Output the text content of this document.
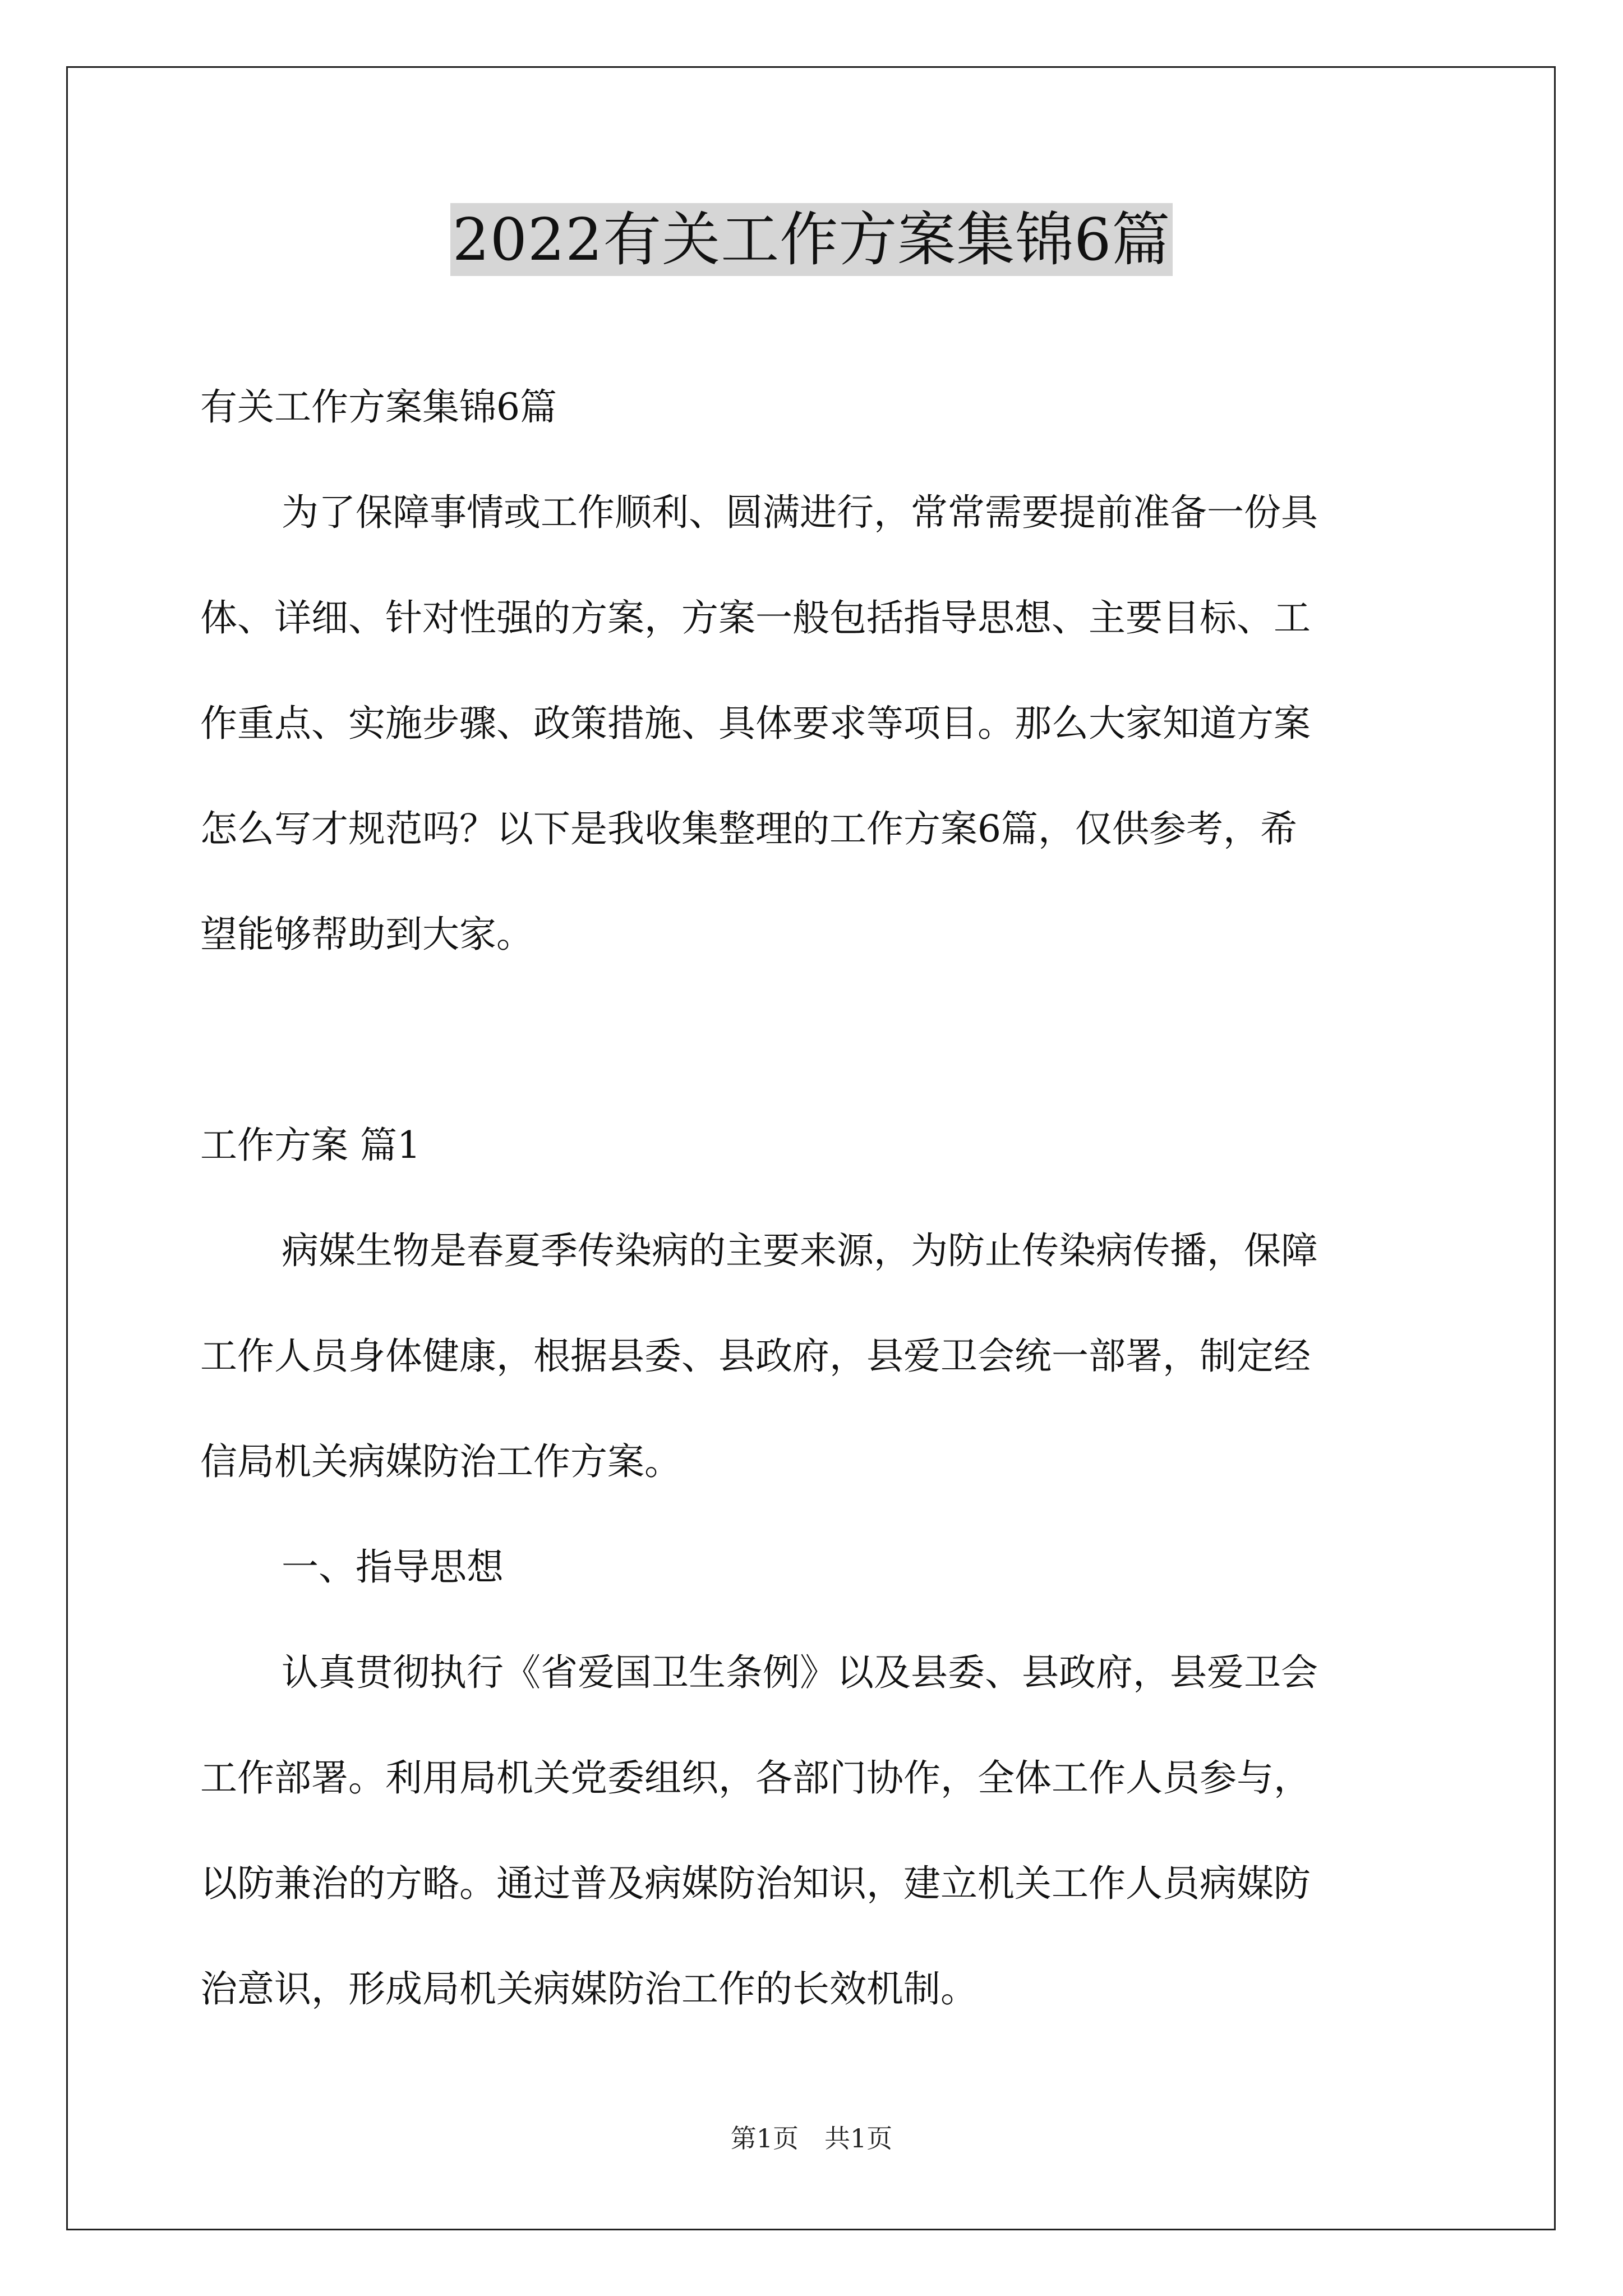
2022有关工作方案集锦6篇

有关工作方案集锦6篇

为了保障事情或工作顺利、圆满进行，常常需要提前准备一份具

体、详细、针对性强的方案，方案一般包括指导思想、主要目标、工

作重点、实施步骤、政策措施、具体要求等项目。那么大家知道方案

怎么写才规范吗？以下是我收集整理的工作方案6篇，仅供参考，希

望能够帮助到大家。

工作方案 篇1

病媒生物是春夏季传染病的主要来源，为防止传染病传播，保障

工作人员身体健康，根据县委、县政府，县爱卫会统一部署，制定经

信局机关病媒防治工作方案。

一、指导思想

认真贯彻执行《省爱国卫生条例》以及县委、县政府，县爱卫会

工作部署。利用局机关党委组织，各部门协作，全体工作人员参与，

以防兼治的方略。通过普及病媒防治知识，建立机关工作人员病媒防

治意识，形成局机关病媒防治工作的长效机制。

第1页　共1页
